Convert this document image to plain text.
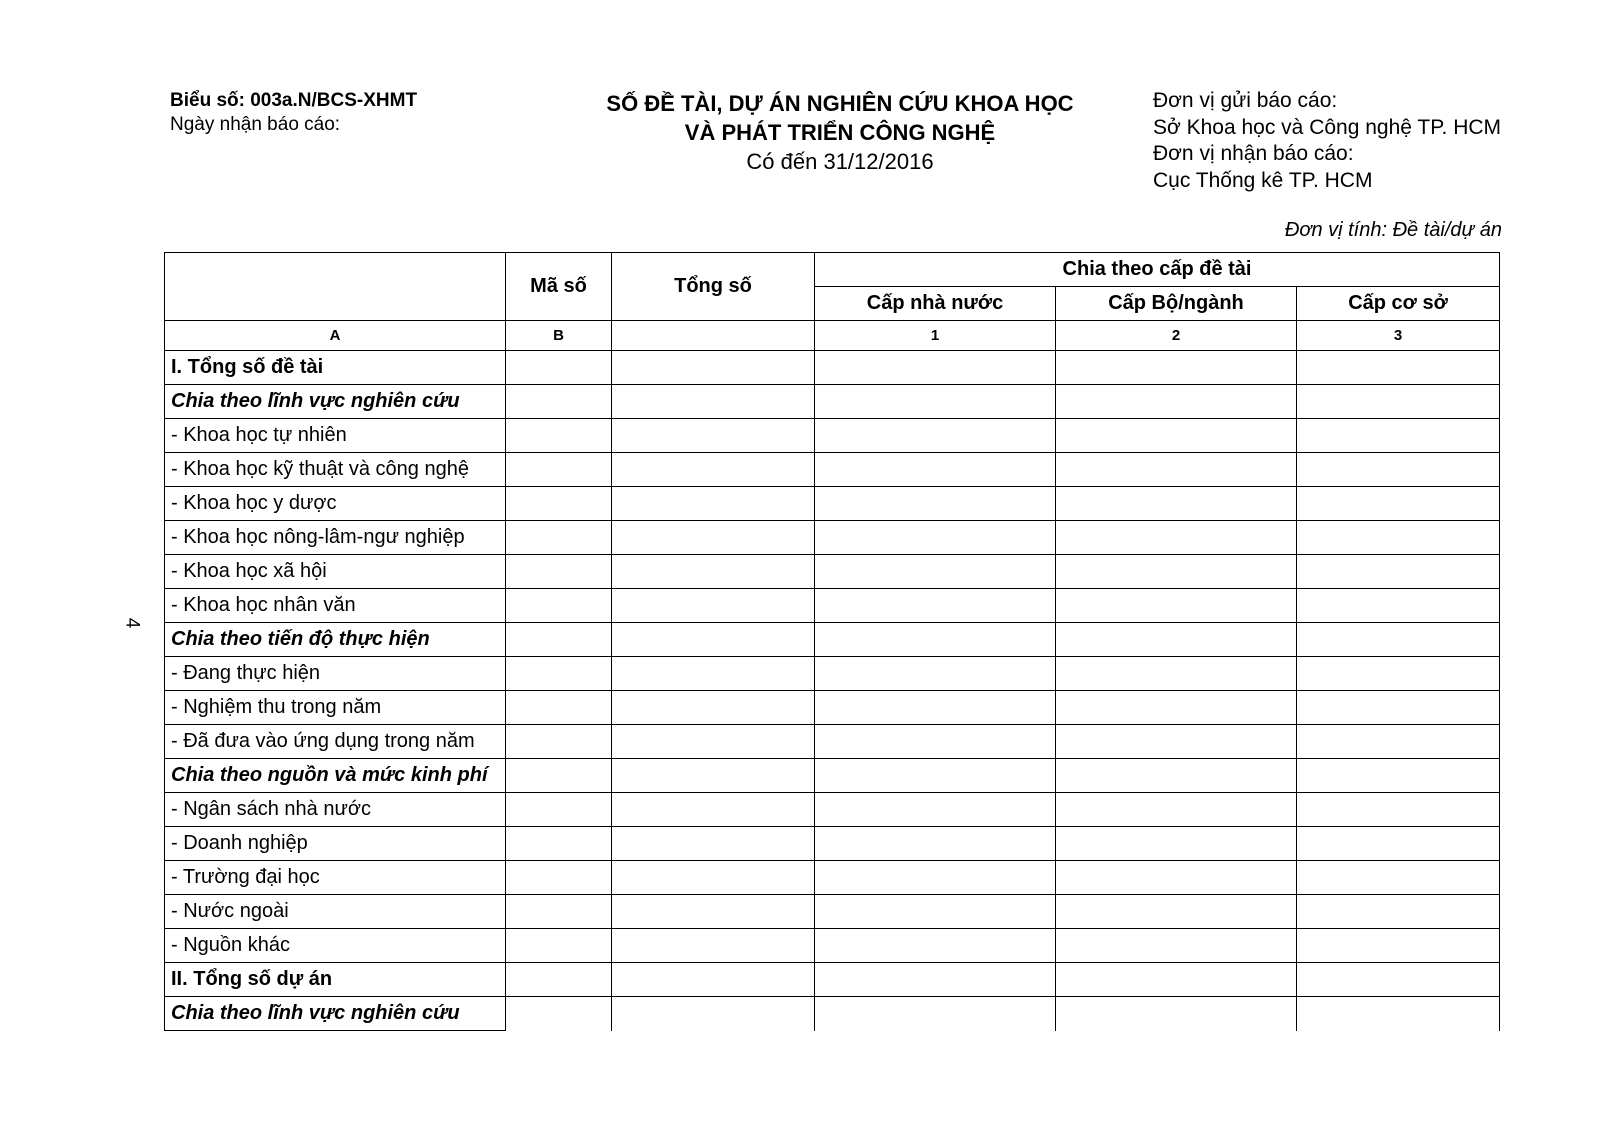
Biểu số: 003a.N/BCS-XHMT
Ngày nhận báo cáo:
SỐ ĐỀ TÀI, DỰ ÁN NGHIÊN CỨU KHOA HỌC
VÀ PHÁT TRIỂN CÔNG NGHỆ
Có đến 31/12/2016
Đơn vị gửi báo cáo:
Sở Khoa học và Công nghệ TP. HCM
Đơn vị nhận báo cáo:
Cục Thống kê TP. HCM
Đơn vị tính: Đề tài/dự án
4
	Mã số	Tổng số	Chia theo cấp đề tài		
			Cấp nhà nước	Cấp Bộ/ngành	Cấp cơ sở
A	B		1	2	3
I. Tổng số đề tài					
Chia theo lĩnh vực nghiên cứu					
- Khoa học tự nhiên					
- Khoa học kỹ thuật và công nghệ					
- Khoa học y dược					
- Khoa học nông-lâm-ngư nghiệp					
- Khoa học xã hội					
- Khoa học nhân văn					
Chia theo tiến độ thực hiện					
- Đang thực hiện					
- Nghiệm thu trong năm					
- Đã đưa vào ứng dụng trong năm					
Chia theo nguồn và mức kinh phí					
- Ngân sách nhà nước					
- Doanh nghiệp					
- Trường đại học					
- Nước ngoài					
- Nguồn khác					
II. Tổng số dự án					
Chia theo lĩnh vực nghiên cứu					
